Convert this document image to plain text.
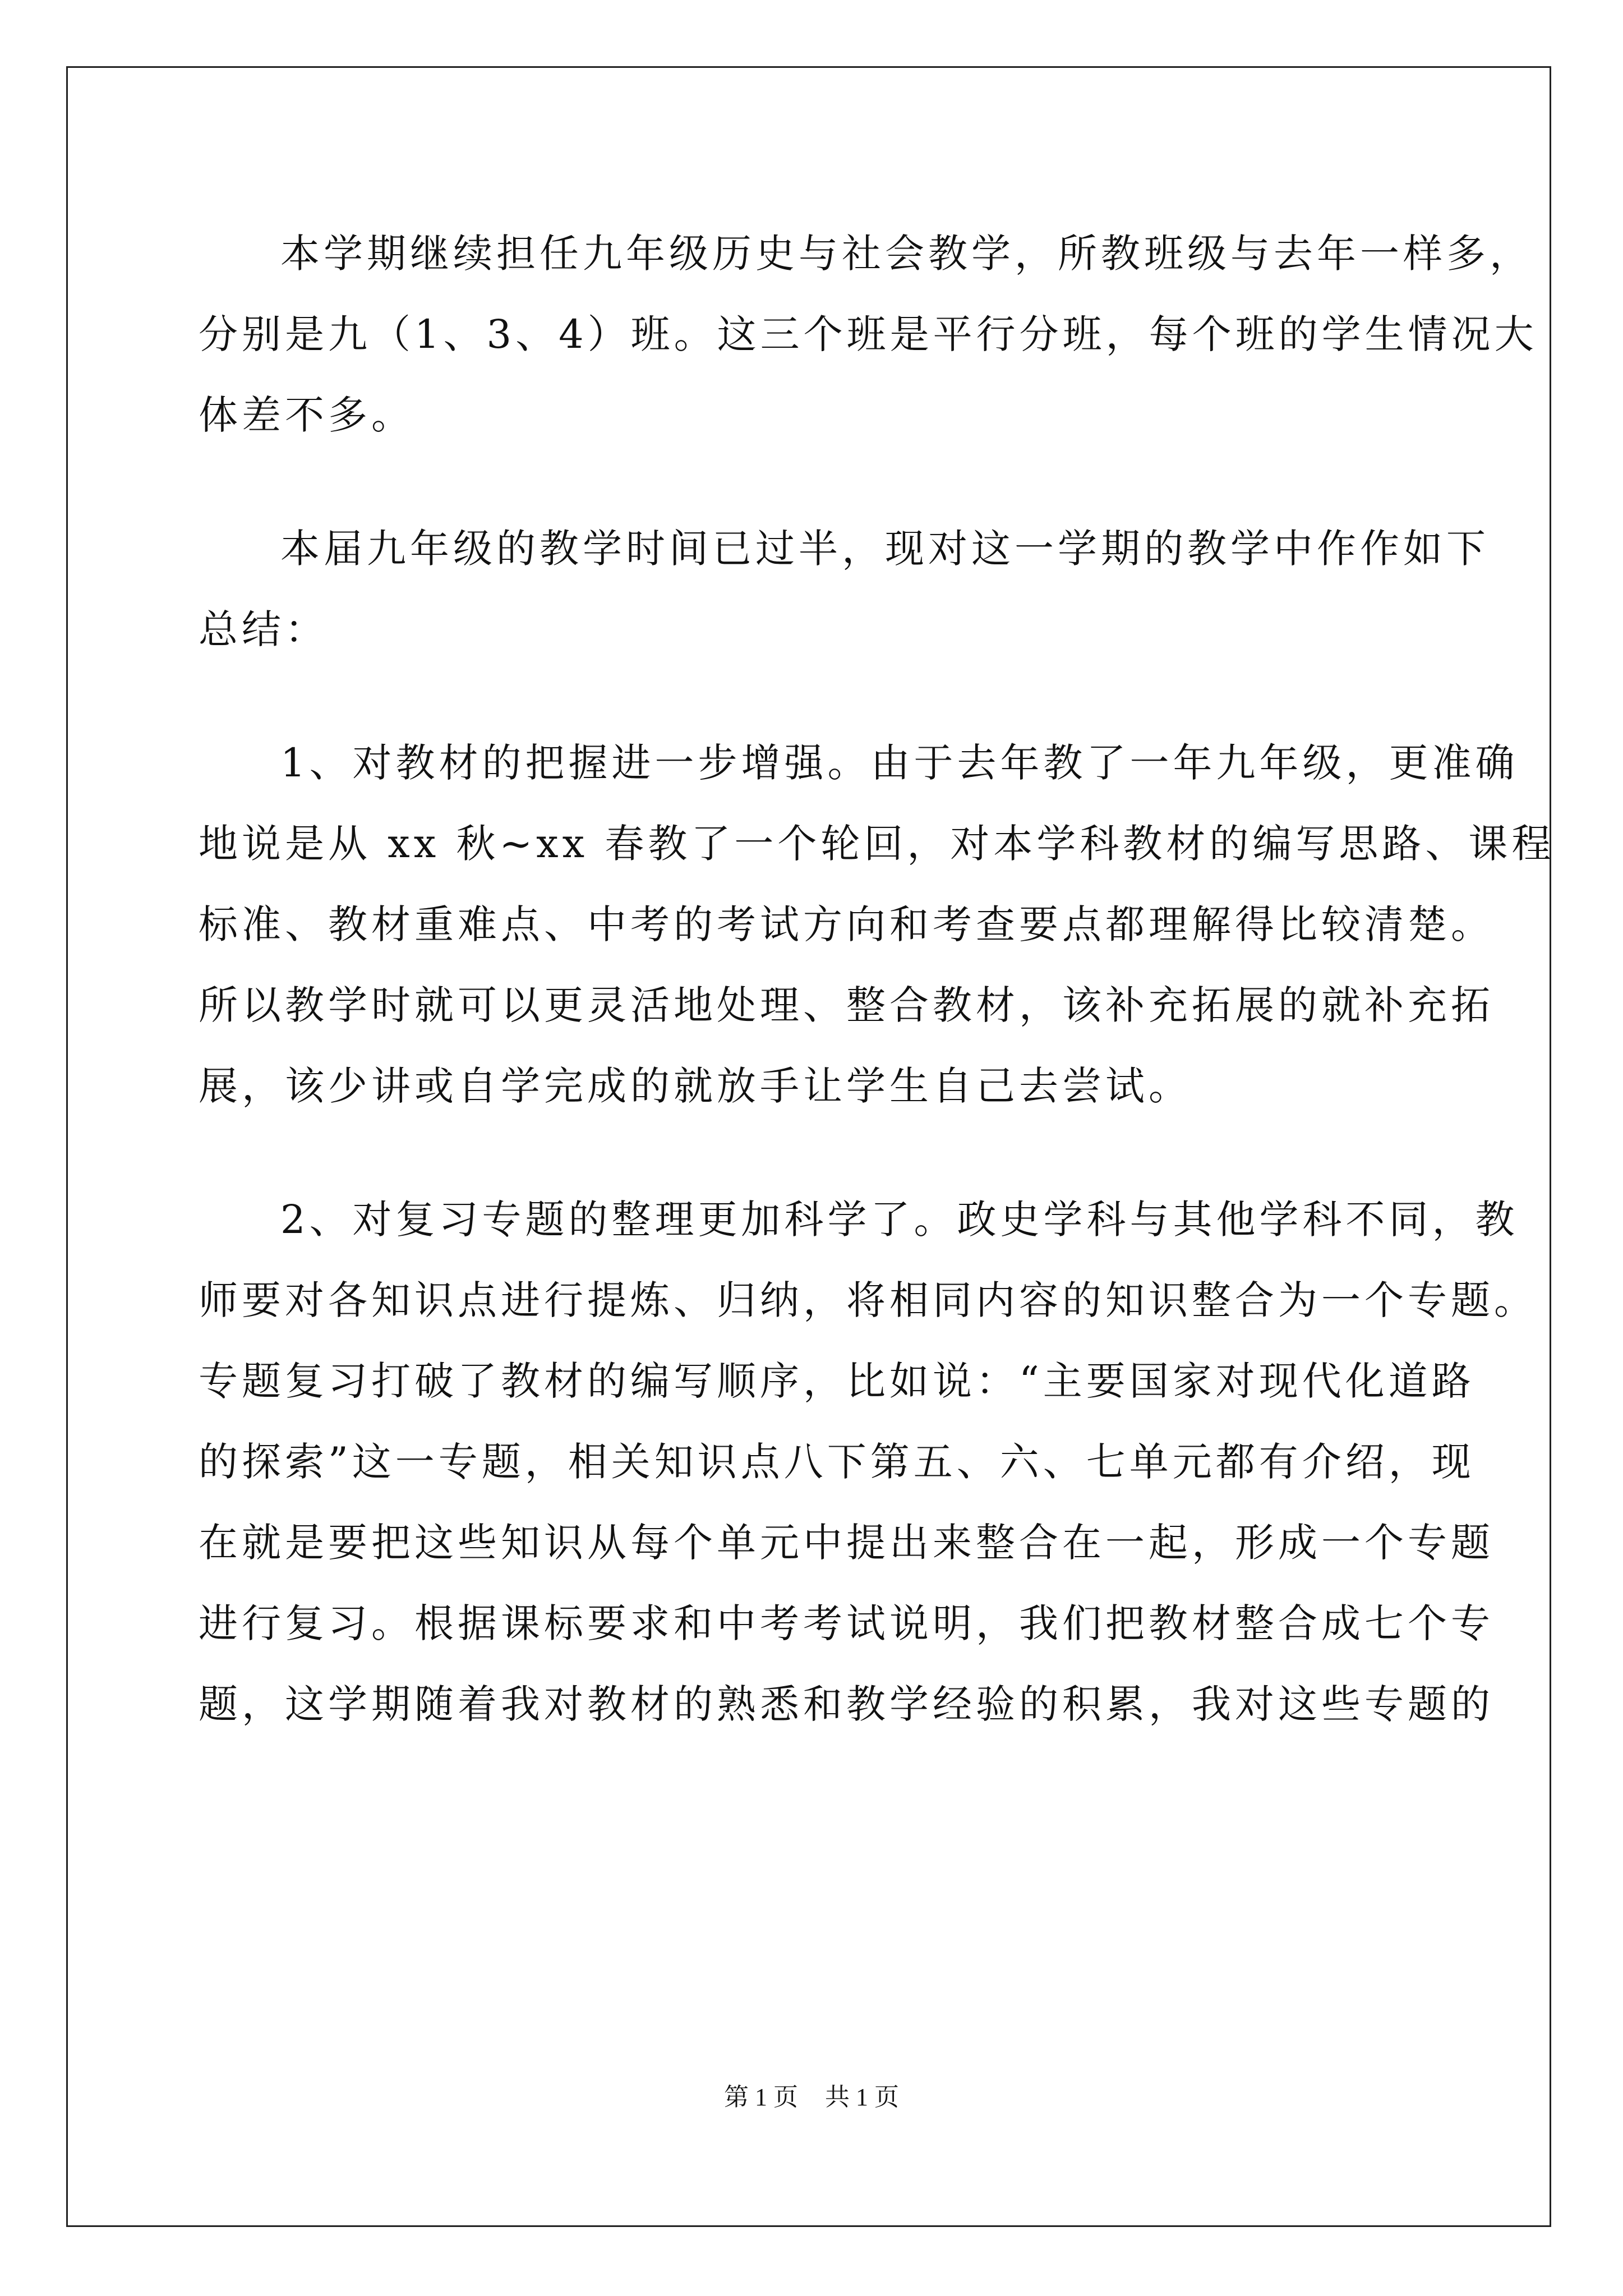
本学期继续担任九年级历史与社会教学，所教班级与去年一样多，
分别是九（1、3、4）班。这三个班是平行分班，每个班的学生情况大
体差不多。
本届九年级的教学时间已过半，现对这一学期的教学中作作如下
总结：
1、对教材的把握进一步增强。由于去年教了一年九年级，更准确
地说是从 xx 秋~xx 春教了一个轮回，对本学科教材的编写思路、课程
标准、教材重难点、中考的考试方向和考查要点都理解得比较清楚。
所以教学时就可以更灵活地处理、整合教材，该补充拓展的就补充拓
展，该少讲或自学完成的就放手让学生自己去尝试。
2、对复习专题的整理更加科学了。政史学科与其他学科不同，教
师要对各知识点进行提炼、归纳，将相同内容的知识整合为一个专题。
专题复习打破了教材的编写顺序，比如说：“主要国家对现代化道路
的探索”这一专题，相关知识点八下第五、六、七单元都有介绍，现
在就是要把这些知识从每个单元中提出来整合在一起，形成一个专题
进行复习。根据课标要求和中考考试说明，我们把教材整合成七个专
题，这学期随着我对教材的熟悉和教学经验的积累，我对这些专题的
第 1 页 共 1 页
